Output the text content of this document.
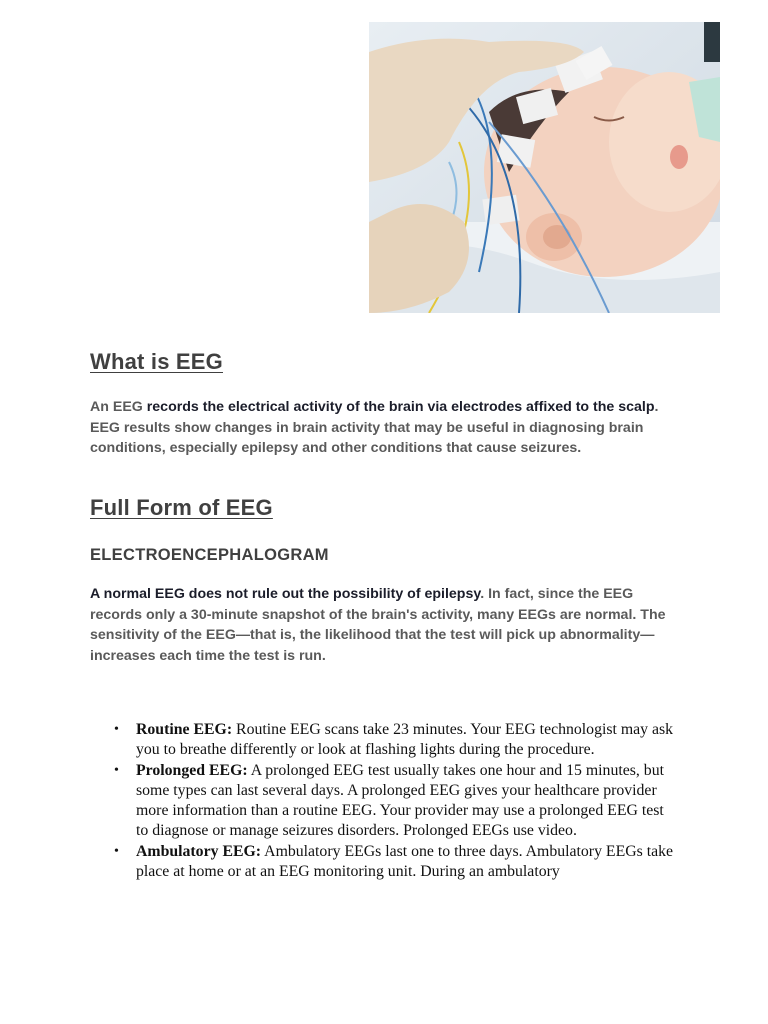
What is EEG

An EEG records the electrical activity of the brain via electrodes affixed to the scalp. EEG results show changes in brain activity that may be useful in diagnosing brain conditions, especially epilepsy and other conditions that cause seizures.

Full Form of EEG
ELECTROENCEPHALOGRAM

A normal EEG does not rule out the possibility of epilepsy. In fact, since the EEG records only a 30-minute snapshot of the brain's activity, many EEGs are normal. The sensitivity of the EEG—that is, the likelihood that the test will pick up abnormality—increases each time the test is run.

• Routine EEG: Routine EEG scans take 23 minutes. Your EEG technologist may ask you to breathe differently or look at flashing lights during the procedure.
• Prolonged EEG: A prolonged EEG test usually takes one hour and 15 minutes, but some types can last several days. A prolonged EEG gives your healthcare provider more information than a routine EEG. Your provider may use a prolonged EEG test to diagnose or manage seizures disorders. Prolonged EEGs use video.
• Ambulatory EEG: Ambulatory EEGs last one to three days. Ambulatory EEGs take place at home or at an EEG monitoring unit. During an ambulatory
